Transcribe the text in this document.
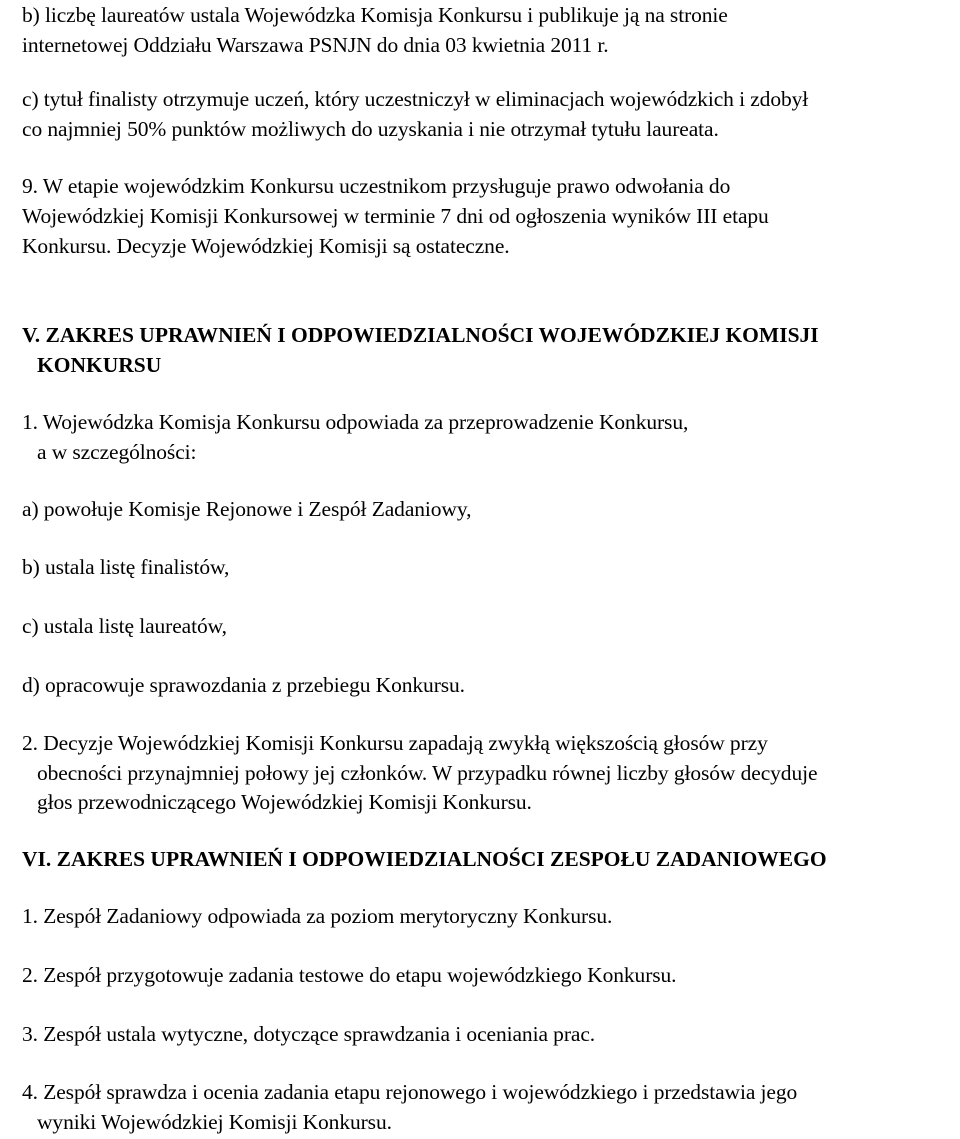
b) liczbę laureatów ustala Wojewódzka Komisja Konkursu i publikuje ją na stronie

internetowej Oddziału Warszawa PSNJN do dnia 03 kwietnia 2011 r.

c) tytuł finalisty otrzymuje uczeń, który uczestniczył w eliminacjach wojewódzkich i zdobył

co najmniej 50% punktów możliwych do uzyskania i nie otrzymał tytułu laureata.

9. W etapie wojewódzkim Konkursu uczestnikom przysługuje prawo odwołania do

Wojewódzkiej Komisji Konkursowej w terminie 7 dni od ogłoszenia wyników III etapu

Konkursu. Decyzje Wojewódzkiej Komisji są ostateczne.

V. ZAKRES UPRAWNIEŃ I ODPOWIEDZIALNOŚCI WOJEWÓDZKIEJ KOMISJI

KONKURSU

1. Wojewódzka Komisja Konkursu odpowiada za przeprowadzenie Konkursu,

a w szczególności:

a) powołuje Komisje Rejonowe i Zespół Zadaniowy,

b) ustala listę finalistów,

c) ustala listę laureatów,

d) opracowuje sprawozdania z przebiegu Konkursu.

2. Decyzje Wojewódzkiej Komisji Konkursu zapadają zwykłą większością głosów przy

obecności przynajmniej połowy jej członków. W przypadku równej liczby głosów decyduje

głos przewodniczącego Wojewódzkiej Komisji Konkursu.

VI. ZAKRES UPRAWNIEŃ I ODPOWIEDZIALNOŚCI ZESPOŁU ZADANIOWEGO

1. Zespół Zadaniowy odpowiada za poziom merytoryczny Konkursu.

2. Zespół przygotowuje zadania testowe do etapu wojewódzkiego Konkursu.

3. Zespół ustala wytyczne, dotyczące sprawdzania i oceniania prac.

4. Zespół sprawdza i ocenia zadania etapu rejonowego i wojewódzkiego i przedstawia jego

wyniki Wojewódzkiej Komisji Konkursu.
